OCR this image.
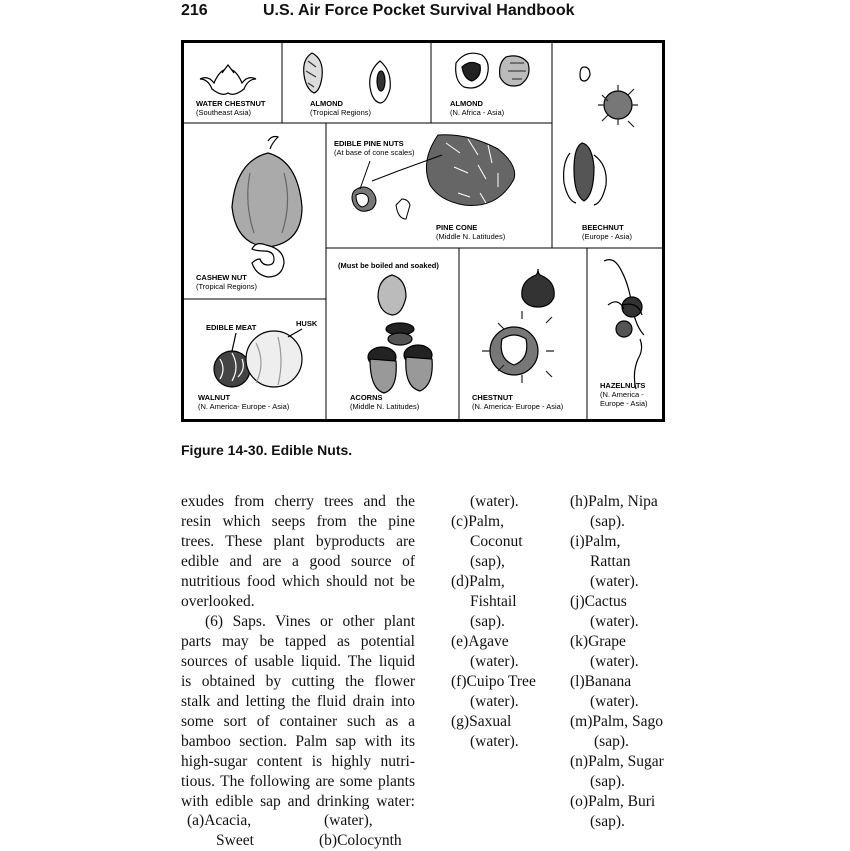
216	U.S. Air Force Pocket Survival Handbook
WATER CHESTNUT
(Southeast Asia)
ALMOND
(Tropical Regions)
ALMOND
(N. Africa - Asia)
EDIBLE PINE NUTS
(At base of cone scales)
PINE CONE
(Middle N. Latitudes)
BEECHNUT
(Europe - Asia)
CASHEW NUT
(Tropical Regions)
(Must be boiled and soaked)
EDIBLE MEAT	HUSK
WALNUT
(N. America- Europe - Asia)
ACORNS
(Middle N. Latitudes)
CHESTNUT
(N. America- Europe - Asia)
HAZELNUTS
(N. America -
Europe - Asia)
Figure 14-30. Edible Nuts.
exudes from cherry trees and the
resin which seeps from the pine
trees. These plant byproducts are
edible and are a good source of
nutritious food which should not be
overlooked.
(6) Saps. Vines or other plant
parts may be tapped as potential
sources of usable liquid. The liquid
is obtained by cutting the flower
stalk and letting the fluid drain into
some sort of container such as a
bamboo section. Palm sap with its
high-sugar content is highly nutri-
tious. The following are some plants
with edible sap and drinking water:
(a)Acacia,	(water),
Sweet	(b)Colocynth
(water).
(c)Palm,
Coconut
(sap),
(d)Palm,
Fishtail
(sap).
(e)Agave
(water).
(f)Cuipo Tree
(water).
(g)Saxual
(water).
(h)Palm, Nipa
(sap).
(i)Palm,
Rattan
(water).
(j)Cactus
(water).
(k)Grape
(water).
(l)Banana
(water).
(m)Palm, Sago
(sap).
(n)Palm, Sugar
(sap).
(o)Palm, Buri
(sap).
